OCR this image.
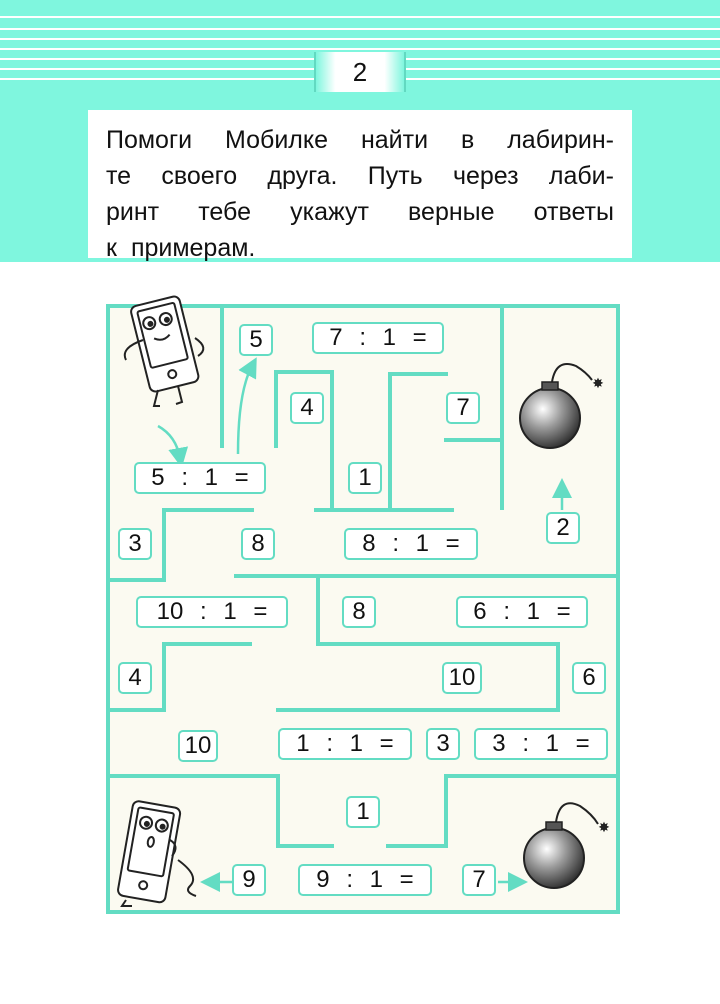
2
Помоги Мобилке найти в лабирин-
те своего друга. Путь через лаби-
ринт тебе укажут верные ответы
к примерам.
✸
✸
7 : 1 =
5 : 1 =
8 : 1 =
10 : 1 =	6 : 1 =
1 : 1 =	3 : 1 =
9 : 1 =
5
4	7
1
2
3	8
8
4	10	6
10	3
1
9	7
